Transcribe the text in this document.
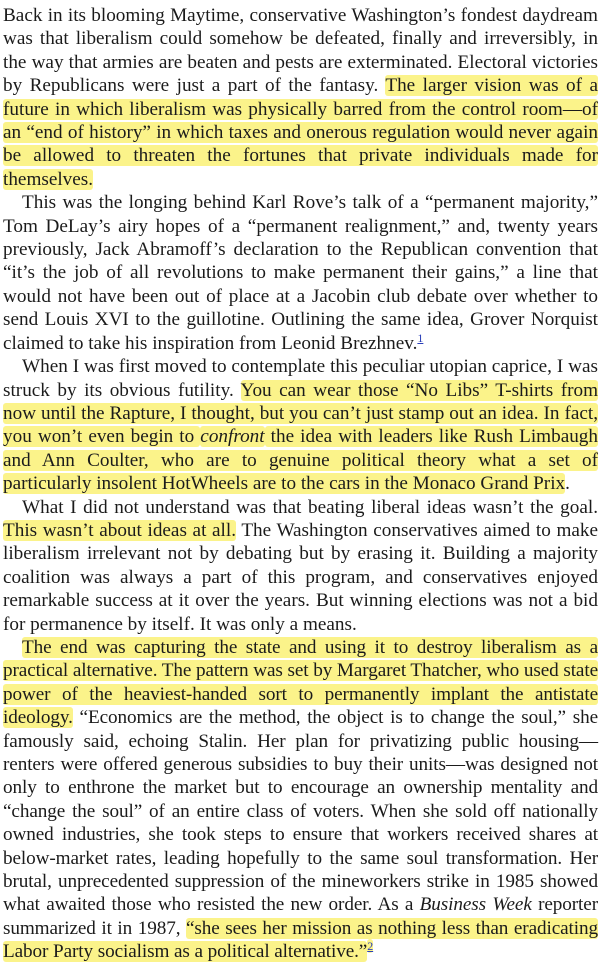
Back in its blooming Maytime, conservative Washington’s fondest daydream was that liberalism could somehow be defeated, finally and irreversibly, in the way that armies are beaten and pests are exterminated. Electoral victories by Republicans were just a part of the fantasy. The larger vision was of a future in which liberalism was physically barred from the control room—of an “end of history” in which taxes and onerous regulation would never again be allowed to threaten the fortunes that private individuals made for themselves.

This was the longing behind Karl Rove’s talk of a “permanent majority,” Tom DeLay’s airy hopes of a “permanent realignment,” and, twenty years previously, Jack Abramoff’s declaration to the Republican convention that “it’s the job of all revolutions to make permanent their gains,” a line that would not have been out of place at a Jacobin club debate over whether to send Louis XVI to the guillotine. Outlining the same idea, Grover Norquist claimed to take his inspiration from Leonid Brezhnev.$^1$

When I was first moved to contemplate this peculiar utopian caprice, I was struck by its obvious futility. You can wear those “No Libs” T-shirts from now until the Rapture, I thought, but you can’t just stamp out an idea. In fact, you won’t even begin to confront the idea with leaders like Rush Limbaugh and Ann Coulter, who are to genuine political theory what a set of particularly insolent HotWheels are to the cars in the Monaco Grand Prix.

What I did not understand was that beating liberal ideas wasn’t the goal. This wasn’t about ideas at all. The Washington conservatives aimed to make liberalism irrelevant not by debating but by erasing it. Building a majority coalition was always a part of this program, and conservatives enjoyed remarkable success at it over the years. But winning elections was not a bid for permanence by itself. It was only a means.

The end was capturing the state and using it to destroy liberalism as a practical alternative. The pattern was set by Margaret Thatcher, who used state power of the heaviest-handed sort to permanently implant the antistate ideology. “Economics are the method, the object is to change the soul,” she famously said, echoing Stalin. Her plan for privatizing public housing—renters were offered generous subsidies to buy their units—was designed not only to enthrone the market but to encourage an ownership mentality and “change the soul” of an entire class of voters. When she sold off nationally owned industries, she took steps to ensure that workers received shares at below-market rates, leading hopefully to the same soul transformation. Her brutal, unprecedented suppression of the mineworkers strike in 1985 showed what awaited those who resisted the new order. As a Business Week reporter summarized it in 1987, “she sees her mission as nothing less than eradicating Labor Party socialism as a political alternative.”$^2$
